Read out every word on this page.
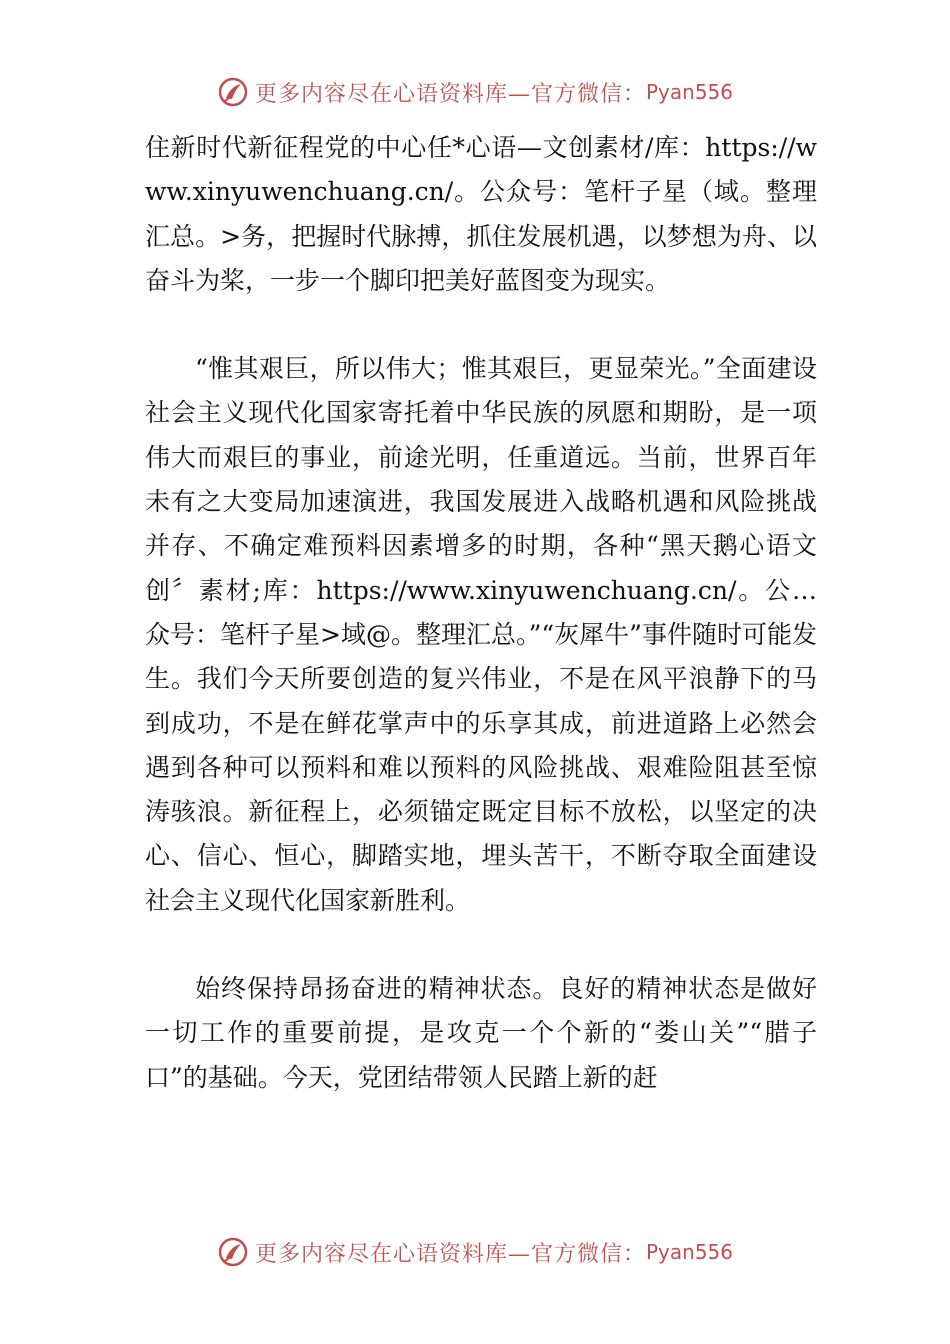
更多内容尽在心语资料库—官方微信： Pyan556

住新时代新征程党的中心任*心语—文创素材/库：https://www.xinyuwenchuang.cn/。公众号：笔杆子星（域。整理汇总。>务，把握时代脉搏，抓住发展机遇，以梦想为舟、以奋斗为桨，一步一个脚印把美好蓝图变为现实。

“惟其艰巨，所以伟大；惟其艰巨，更显荣光。”全面建设社会主义现代化国家寄托着中华民族的夙愿和期盼，是一项伟大而艰巨的事业，前途光明，任重道远。当前，世界百年未有之大变局加速演进，我国发展进入战略机遇和风险挑战并存、不确定难预料因素增多的时期，各种“黑天鹅心语文创〞素材;库：https://www.xinyuwenchuang.cn/。公…众号：笔杆子星>域@。整理汇总。”“灰犀牛”事件随时可能发生。我们今天所要创造的复兴伟业，不是在风平浪静下的马到成功，不是在鲜花掌声中的乐享其成，前进道路上必然会遇到各种可以预料和难以预料的风险挑战、艰难险阻甚至惊涛骇浪。新征程上，必须锚定既定目标不放松，以坚定的决心、信心、恒心，脚踏实地，埋头苦干，不断夺取全面建设社会主义现代化国家新胜利。

始终保持昂扬奋进的精神状态。良好的精神状态是做好一切工作的重要前提，是攻克一个个新的“娄山关”“腊子口”的基础。今天，党团结带领人民踏上新的赶

更多内容尽在心语资料库—官方微信： Pyan556
